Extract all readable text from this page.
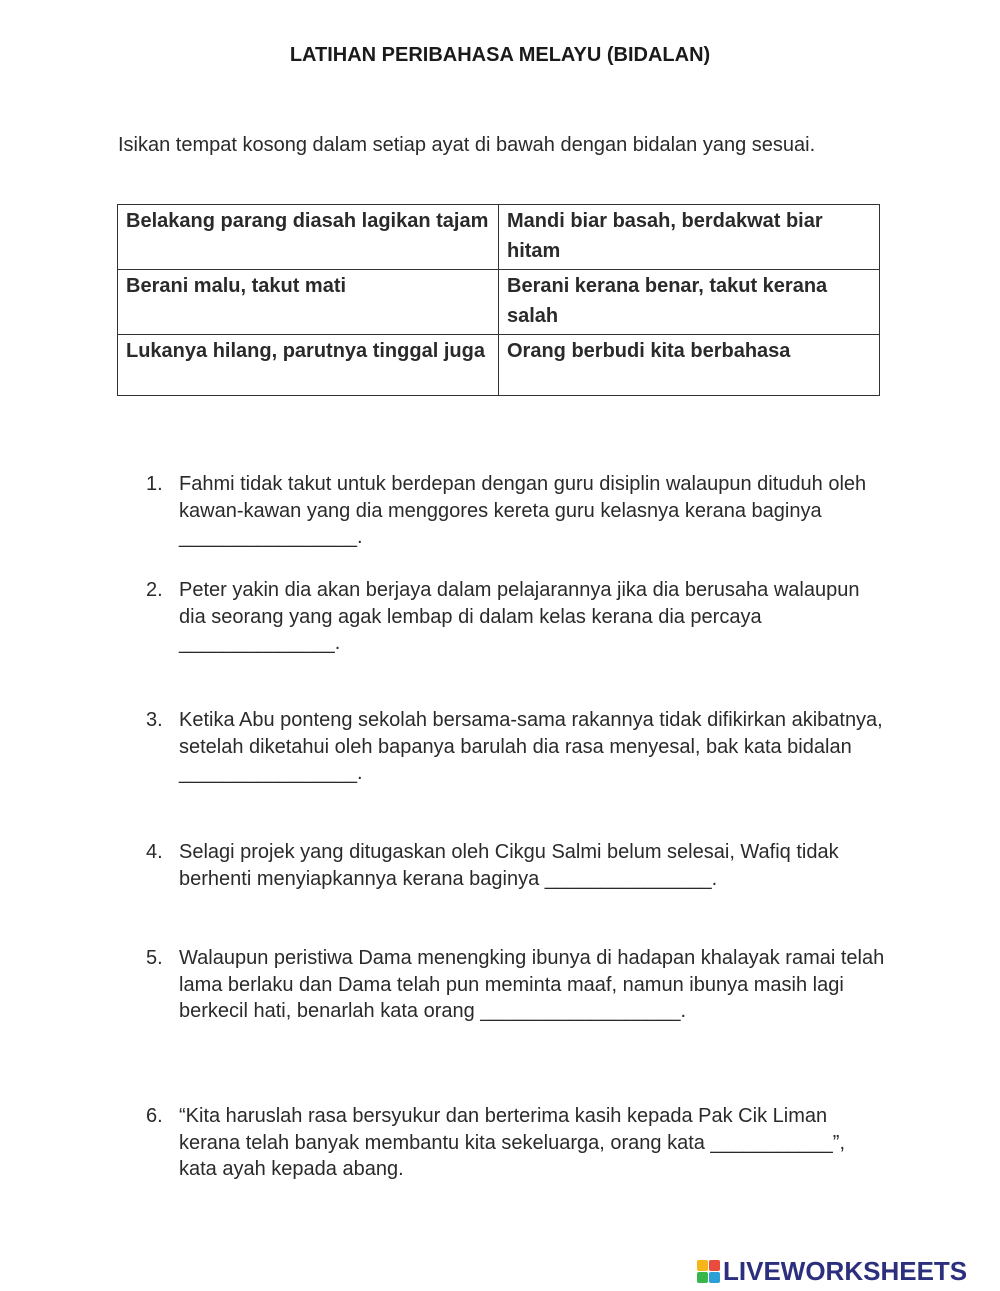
LATIHAN PERIBAHASA MELAYU (BIDALAN)
Isikan tempat kosong dalam setiap ayat di bawah dengan bidalan yang sesuai.
Belakang parang diasah lagikan tajam	Mandi biar basah, berdakwat biar hitam
Berani malu, takut mati	Berani kerana benar, takut kerana salah
Lukanya hilang, parutnya tinggal juga	Orang berbudi kita berbahasa
1. Fahmi tidak takut untuk berdepan dengan guru disiplin walaupun dituduh oleh kawan-kawan yang dia menggores kereta guru kelasnya kerana baginya ________________.
2. Peter yakin dia akan berjaya dalam pelajarannya jika dia berusaha walaupun dia seorang yang agak lembap di dalam kelas kerana dia percaya ______________.
3. Ketika Abu ponteng sekolah bersama-sama rakannya tidak difikirkan akibatnya, setelah diketahui oleh bapanya barulah dia rasa menyesal, bak kata bidalan ________________.
4. Selagi projek yang ditugaskan oleh Cikgu Salmi belum selesai, Wafiq tidak berhenti menyiapkannya kerana baginya _______________.
5. Walaupun peristiwa Dama menengking ibunya di hadapan khalayak ramai telah lama berlaku dan Dama telah pun meminta maaf, namun ibunya masih lagi berkecil hati, benarlah kata orang __________________.
6. “Kita haruslah rasa bersyukur dan berterima kasih kepada Pak Cik Liman kerana telah banyak membantu kita sekeluarga, orang kata ___________”, kata ayah kepada abang.
LIVEWORKSHEETS
